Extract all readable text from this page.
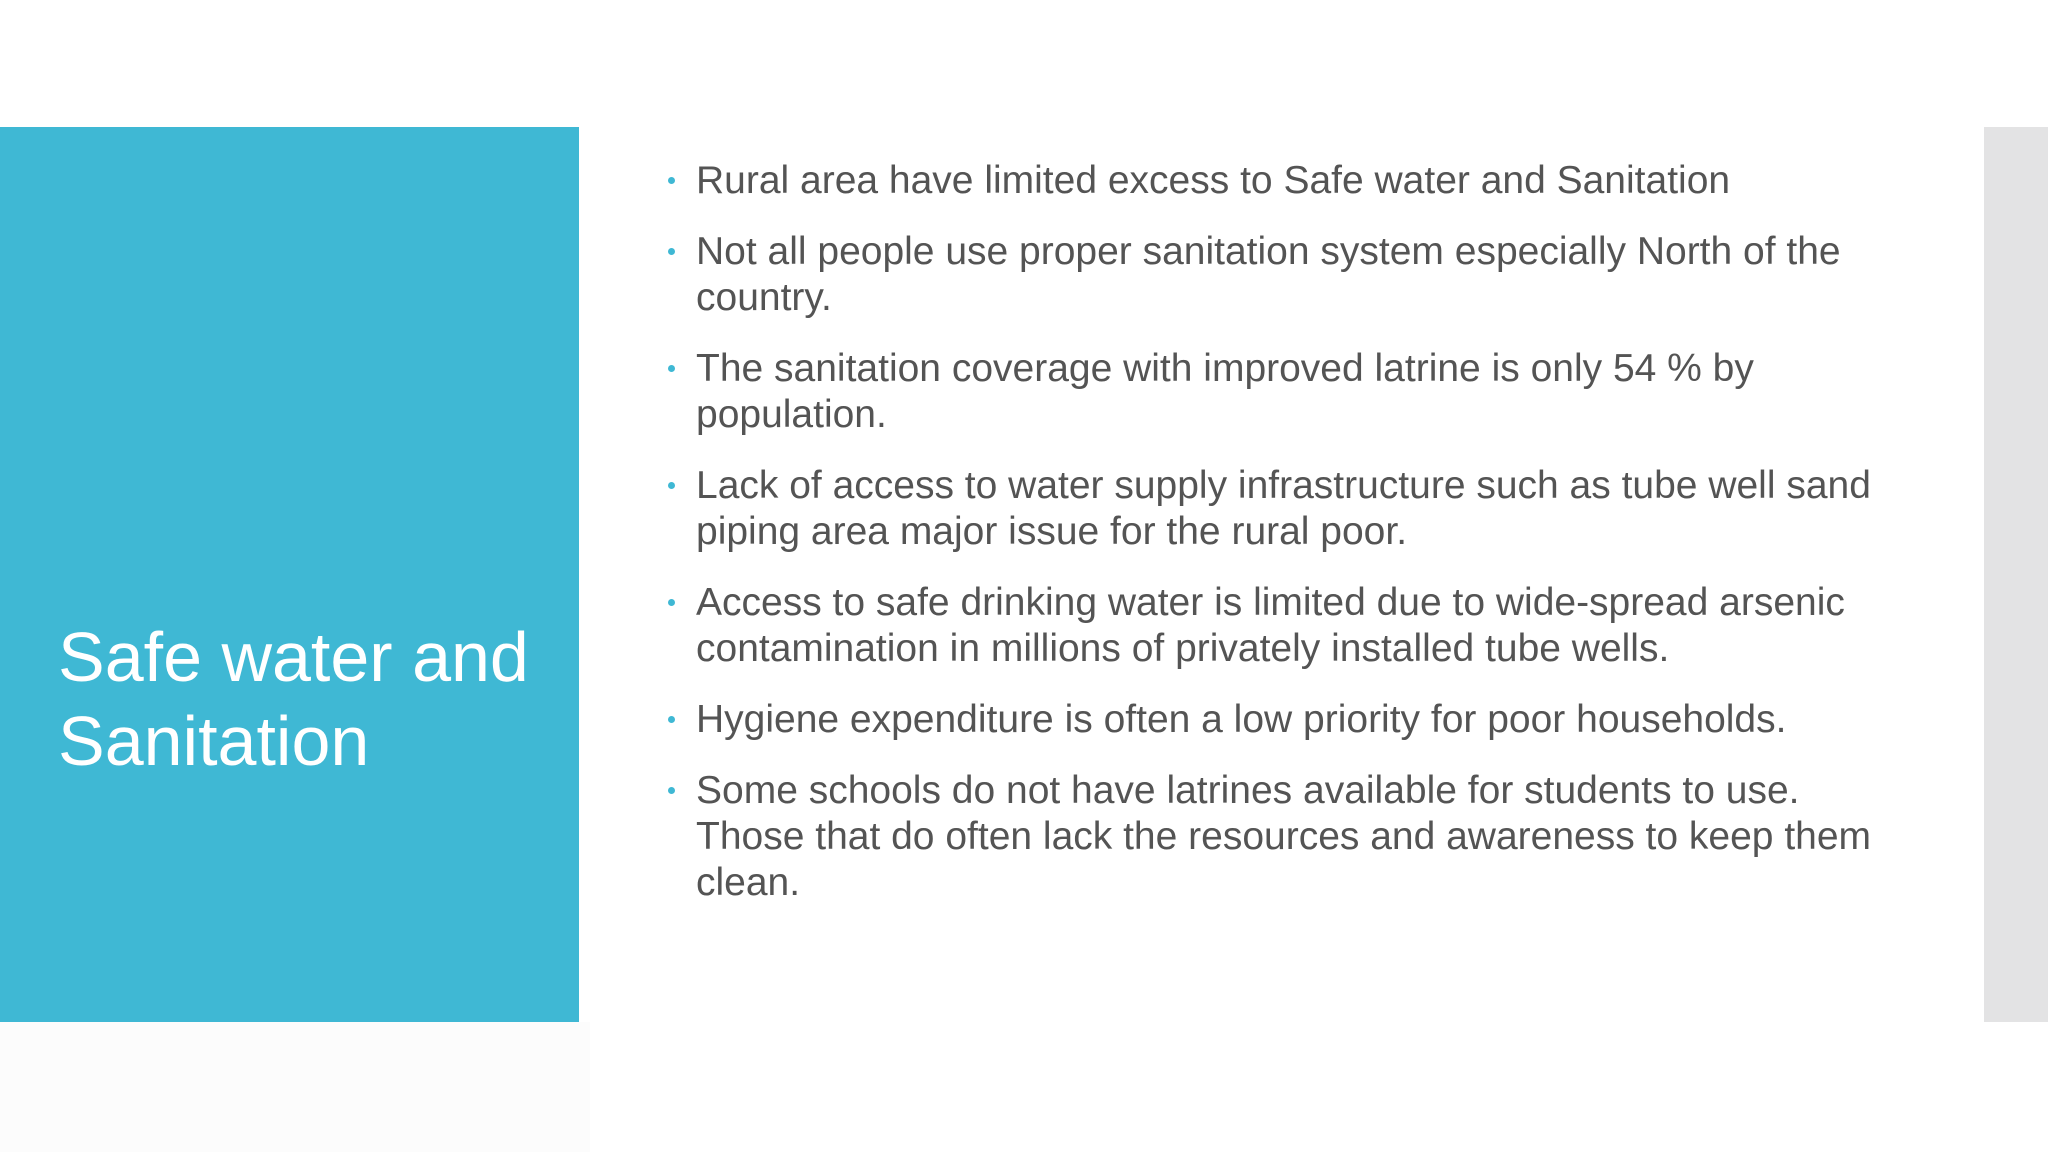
Safe water and Sanitation
Rural area have limited excess to Safe water and Sanitation
Not all people use proper sanitation system especially North of the country.
The sanitation coverage with improved latrine is only 54 % by population.
Lack of access to water supply infrastructure such as tube well sand piping area major issue for the rural poor.
Access to safe drinking water is limited due to wide-spread arsenic contamination in millions of privately installed tube wells.
Hygiene expenditure is often a low priority for poor households.
Some schools do not have latrines available for students to use. Those that do often lack the resources and awareness to keep them clean.
